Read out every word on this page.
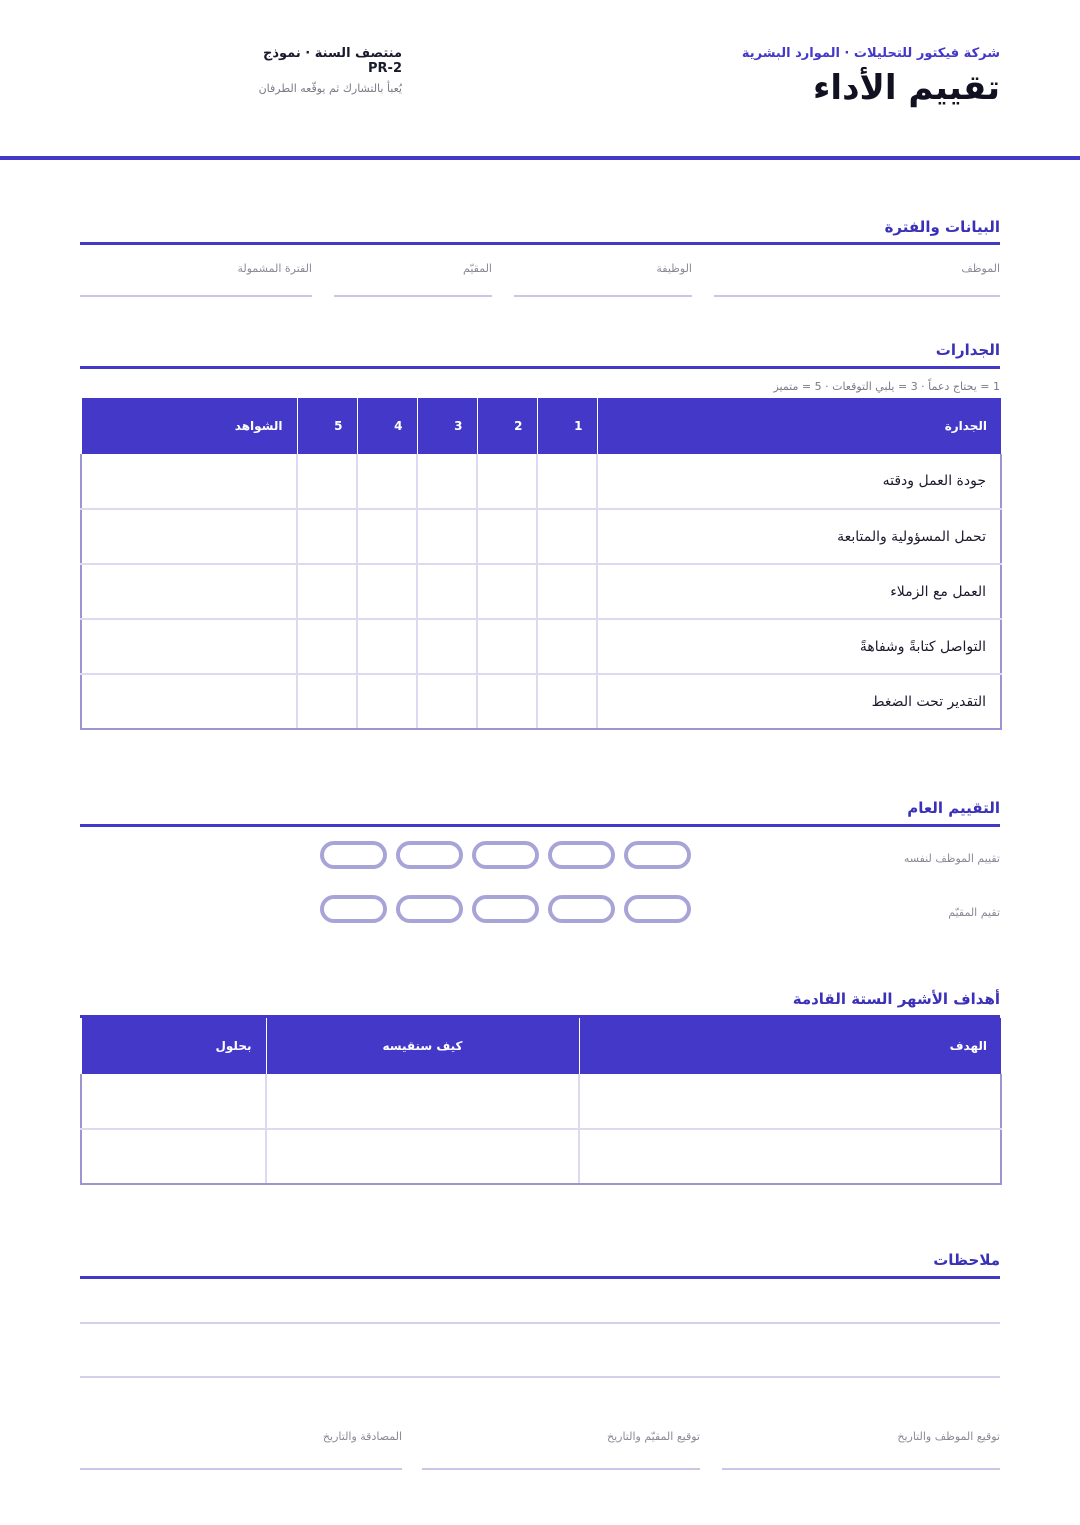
شركة فيكتور للتحليلات · الموارد البشرية
تقييم الأداء
منتصف السنة · نموذج PR-2
يُعبأ بالتشارك ثم يوقّعه الطرفان
البيانات والفترة
الموظف
الوظيفة
المقيّم
الفترة المشمولة
الجدارات
1 = يحتاج دعماً · 3 = يلبي التوقعات · 5 = متميز
الجدارة	1	2	3	4	5	الشواهد
جودة العمل ودقته						
تحمل المسؤولية والمتابعة						
العمل مع الزملاء						
التواصل كتابةً وشفاهةً						
التقدير تحت الضغط						
التقييم العام
تقييم الموظف لنفسه
تقيم المقيّم
أهداف الأشهر الستة القادمة
الهدف	كيف سنقيسه	بحلول

ملاحظات
توقيع الموظف والتاريخ
توقيع المقيّم والتاريخ
المصادقة والتاريخ
